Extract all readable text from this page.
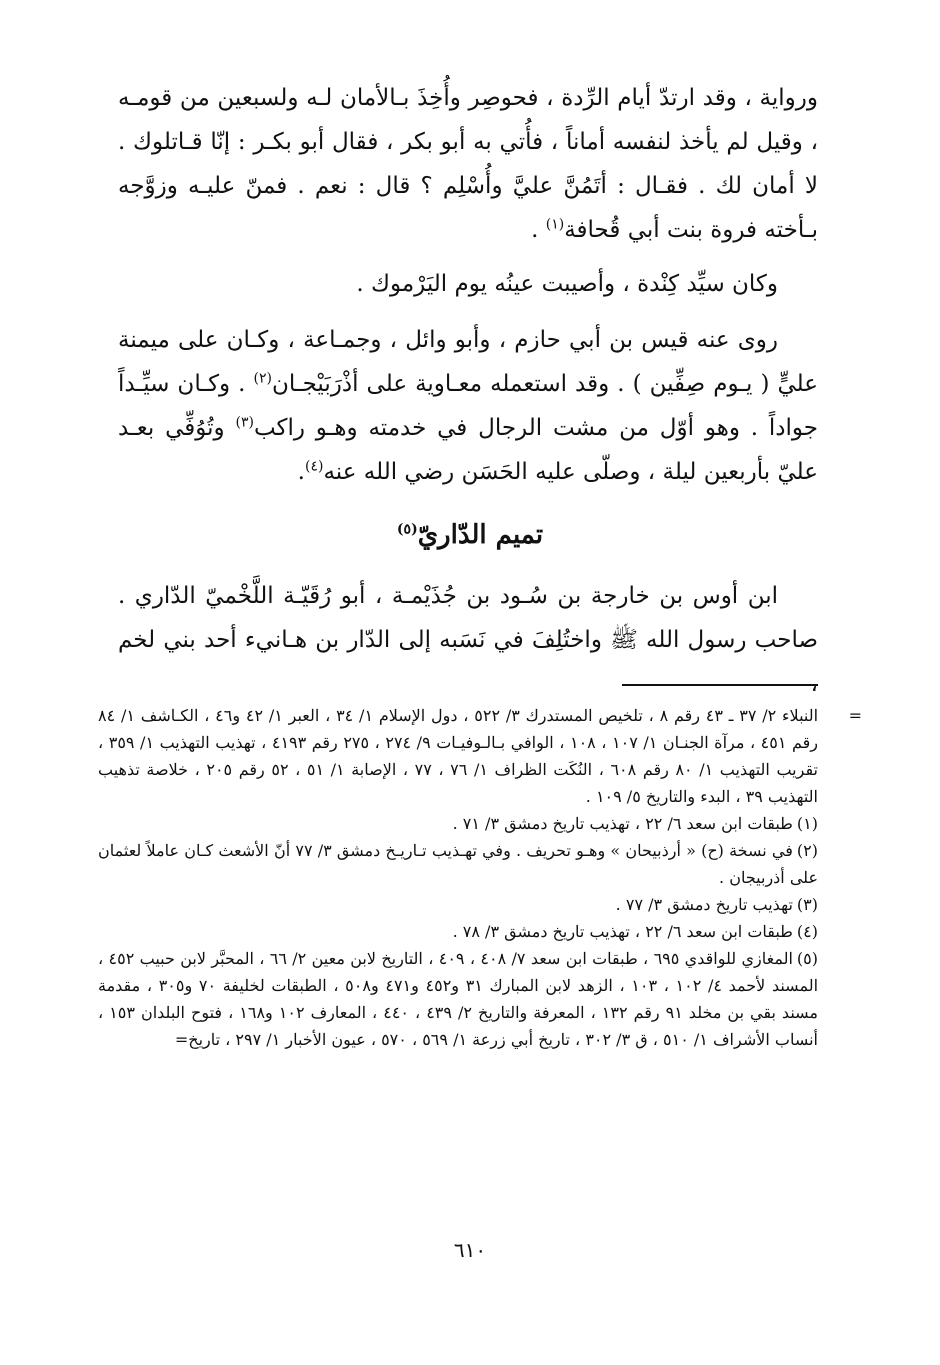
ورواية ، وقد ارتدّ أيام الرِّدة ، فحوصِر وأُخِذَ بـالأمان لـه ولسبعين من قومـه ، وقيل لم يأخذ لنفسه أماناً ، فأُتي به أبو بكر ، فقال أبو بكـر : إنّا قـاتلوك . لا أمان لك . فقـال : أتَمُنَّ عليَّ وأُسْلِم ؟ قال : نعم . فمنّ عليـه وزوَّجه بـأخته فروة بنت أبي قُحافة$^{(١)}$ .

وكان سيِّد كِنْدة ، وأصيبت عينُه يوم اليَرْموك .

روى عنه قيس بن أبي حازم ، وأبو وائل ، وجمـاعة ، وكـان على ميمنة عليٍّ ( يـوم صِفِّين ) . وقد استعمله معـاوية على أذْرَبَيْجـان$^{(٢)}$ . وكـان سيِّـداً جواداً . وهو أوّل من مشت الرجال في خدمته وهـو راكب$^{(٣)}$ وتُوُفِّي بعـد عليّ بأربعين ليلة ، وصلّى عليه الحَسَن رضي الله عنه$^{(٤)}$.

تميم الدّاريّ$^{(٥)}$

ابن أوس بن خارجة بن سُـود بن جُذَيْمـة ، أبو رُقَيّـة اللَّخْميّ الدّاري . صاحب رسول الله ﷺ واختُلِفَ في نَسَبه إلى الدّار بن هـانيء أحد بني لخم ،

=
النبلاء ٢/ ٣٧ ـ ٤٣ رقم ٨ ، تلخيص المستدرك ٣/ ٥٢٢ ، دول الإسلام ١/ ٣٤ ، العبر ١/ ٤٢ و٤٦ ، الكـاشف ١/ ٨٤ رقم ٤٥١ ، مرآة الجنـان ١/ ١٠٧ ، ١٠٨ ، الوافي بـالـوفيـات ٩/ ٢٧٤ ، ٢٧٥ رقم ٤١٩٣ ، تهذيب التهذيب ١/ ٣٥٩ ، تقريب التهذيب ١/ ٨٠ رقم ٦٠٨ ، النُكَت الظراف ١/ ٧٦ ، ٧٧ ، الإصابة ١/ ٥١ ، ٥٢ رقم ٢٠٥ ، خلاصة تذهيب التهذيب ٣٩ ، البدء والتاريخ ٥/ ١٠٩ .

(١)طبقات ابن سعد ٦/ ٢٢ ، تهذيب تاريخ دمشق ٣/ ٧١ .

(٢)في نسخة (ح) « أرذبيحان » وهـو تحريف . وفي تهـذيب تـاريـخ دمشق ٣/ ٧٧ أنّ الأشعث كـان عاملاً لعثمان على أذربيجان .

(٣)تهذيب تاريخ دمشق ٣/ ٧٧ .

(٤)طبقات ابن سعد ٦/ ٢٢ ، تهذيب تاريخ دمشق ٣/ ٧٨ .

(٥)المغازي للواقدي ٦٩٥ ، طبقات ابن سعد ٧/ ٤٠٨ ، ٤٠٩ ، التاريخ لابن معين ٢/ ٦٦ ، المحبَّر لابن حبيب ٤٥٢ ، المسند لأحمد ٤/ ١٠٢ ، ١٠٣ ، الزهد لابن المبارك ٣١ و٤٥٢ و٤٧١ و٥٠٨ ، الطبقات لخليفة ٧٠ و٣٠٥ ، مقدمة مسند بقي بن مخلد ٩١ رقم ١٣٢ ، المعرفة والتاريخ ٢/ ٤٣٩ ، ٤٤٠ ، المعارف ١٠٢ و١٦٨ ، فتوح البلدان ١٥٣ ، أنساب الأشراف ١/ ٥١٠ ، ق ٣/ ٣٠٢ ، تاريخ أبي زرعة ١/ ٥٦٩ ، ٥٧٠ ، عيون الأخبار ١/ ٢٩٧ ، تاريخ=

٦١٠
